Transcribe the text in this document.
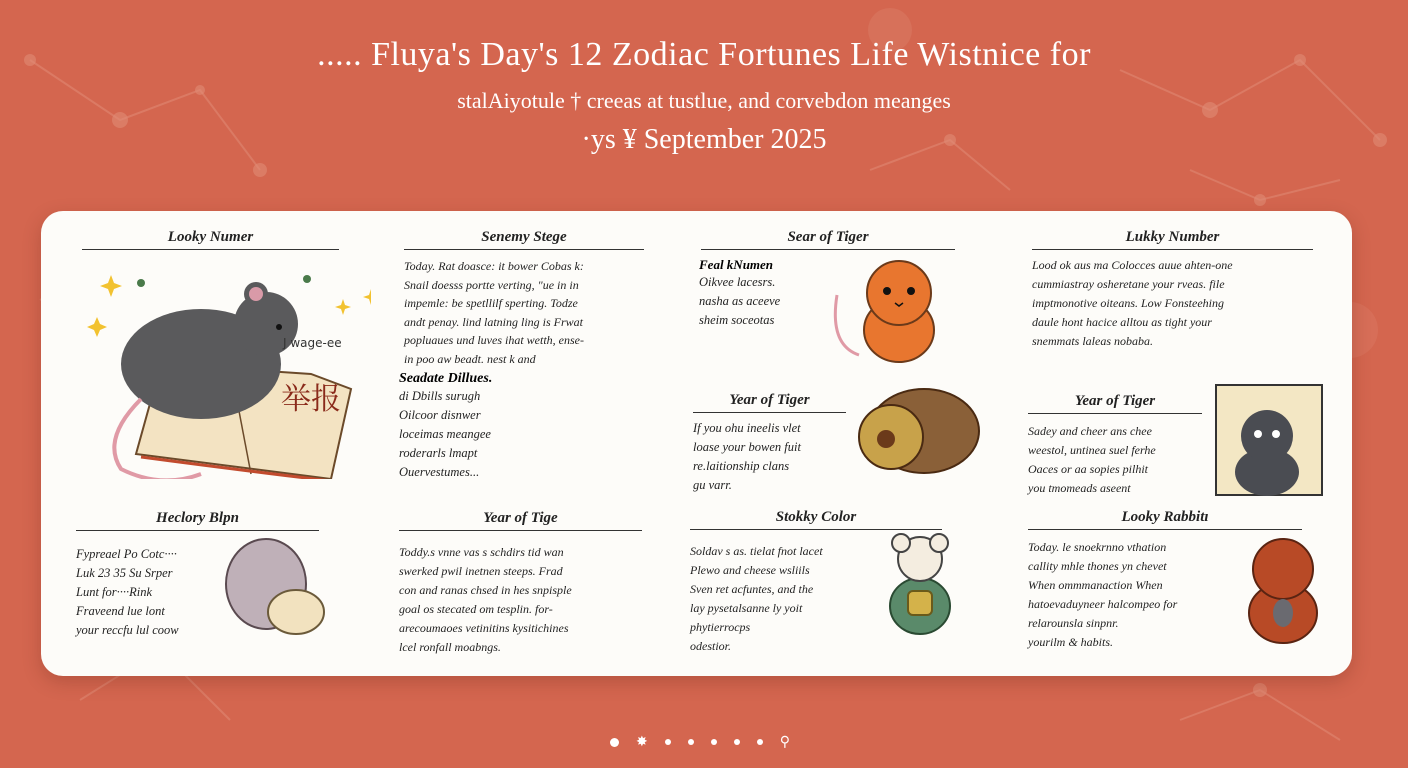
..... Fluya's Day's 12 Zodiac Fortunes Life Wistnice for
stalAiyotule † creeas at tustlue, and corvebdon meanges
·ys ¥ September 2025
Looky Numer
J wage-ee
举报
Heclory Blpn
Fypreael Po Cotc····
Luk 23 35 Su Srper
Lunt for····Rink
Fraveend lue lont
your reccfu lul coow
Senemy Stege
Today. Rat doasce: it bower Cobas k:
Snail doesss portte verting, "ue in in
impemle: be spetllilf sperting. Todze
andt penay. lind latning ling is Frwat
popluaues und luves ihat wetth, ense-
in poo aw beadt. nest k and
Seadate Dillues.
di Dbills surugh
Oilcoor disnwer
loceimas meangee
roderarls lmapt
Ouervestumes...
Year of Tige
Toddy.s vnne vas s schdirs tid wan
swerked pwil inetnen steeps. Frad
con and ranas chsed in hes snpisple
goal os stecated om tesplin. for-
arecoumaoes vetinitins kysitichines
lcel ronfall moabngs.
Sear of Tiger
Feal kNumen
Oikvee lacesrs.
nasha as aceeve
sheim soceotas
Year of Tiger
If you ohu ineelis vlet
loase your bowen fuit
re.laitionship clans
gu varr.
Stokky Color
Soldav s as. tielat fnot lacet
Plewo and cheese wsliils
Sven ret acfuntes, and the
lay pysetalsanne ly yoit
phytierrocps
odestior.
Lukky Number
Lood ok aus ma Colocces auue ahten-one
cummiastray osheretane your rveas. file
imptmonotive oiteans. Low Fonsteehing
daule hont hacice alltou as tight your
snemmats laleas nobaba.
Year of Tiger
Sadey and cheer ans chee
weestol, untinea suel ferhe
Oaces or aa sopies pilhit
you tmomeads aseent
Looky Rabbitı
Today. le snoekrnno vthation
callity mhle thones yn chevet
When ommmanaction When
hatoevaduyneer halcompeo for
relarounsla sinpnr.
yourilm & habits.
✸	⚲
